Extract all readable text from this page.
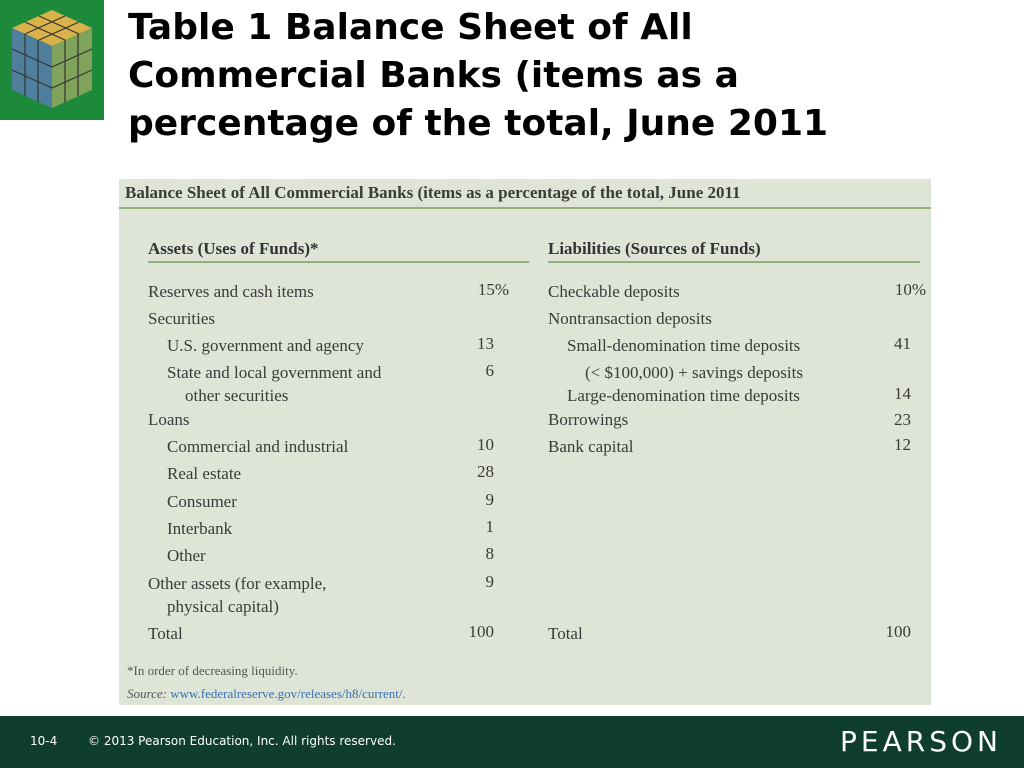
Table 1 Balance Sheet of All
Commercial Banks (items as a
percentage of the total, June 2011
Balance Sheet of All Commercial Banks (items as a percentage of the total, June 2011
Assets (Uses of Funds)*	Liabilities (Sources of Funds)
Reserves and cash items	15%
Securities
U.S. government and agency	13
State and local government and	6
other securities
Loans
Commercial and industrial	10
Real estate	28
Consumer	9
Interbank	1
Other	8
Other assets (for example,	9
physical capital)
Total	100
Checkable deposits	10%
Nontransaction deposits
Small-denomination time deposits	41
(< $100,000) + savings deposits
Large-denomination time deposits	14
Borrowings	23
Bank capital	12
Total	100
*In order of decreasing liquidity.
Source: www.federalreserve.gov/releases/h8/current/.
10-4	© 2013 Pearson Education, Inc. All rights reserved.	PEARSON
